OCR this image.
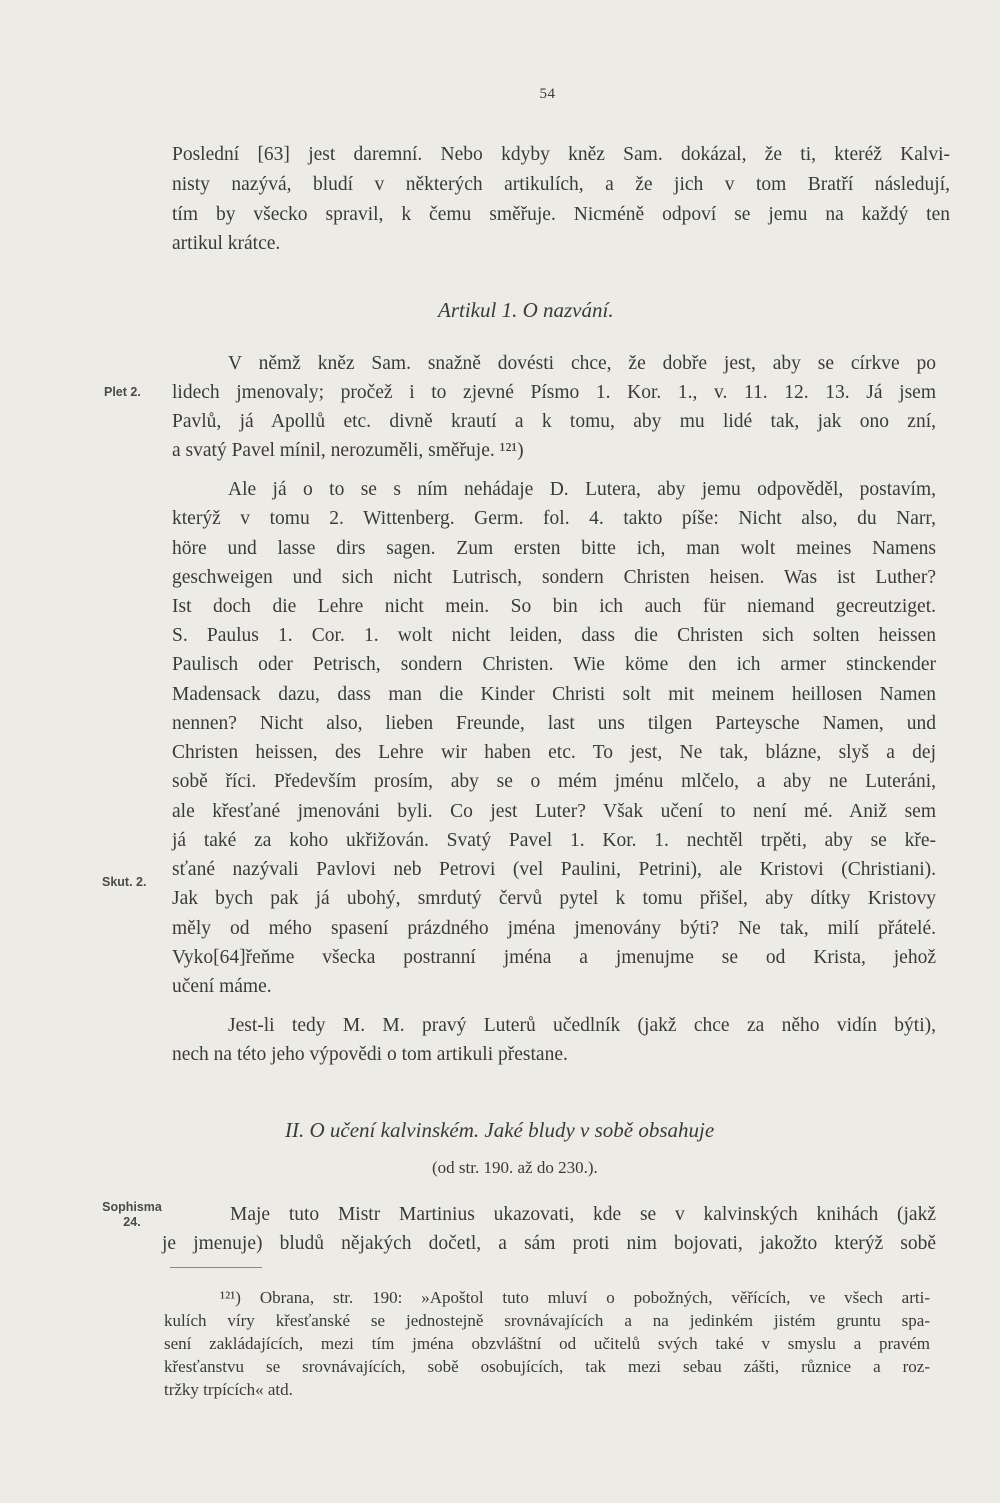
54
Poslední [63] jest daremní. Nebo kdyby kněz Sam. dokázal, že ti, kteréž Kalvi-
nisty nazývá, bludí v některých artikulích, a že jich v tom Bratří následují,
tím by všecko spravil, k čemu směřuje. Nicméně odpoví se jemu na každý ten
artikul krátce.
Artikul 1. O nazvání.
V němž kněz Sam. snažně dovésti chce, že dobře jest, aby se církve po
lidech jmenovaly; pročež i to zjevné Písmo 1. Kor. 1., v. 11. 12. 13. Já jsem
Pavlů, já Apollů etc. divně krautí a k tomu, aby mu lidé tak, jak ono zní,
a svatý Pavel mínil, nerozuměli, směřuje. ¹²¹)
Plet 2.
Ale já o to se s ním nehádaje D. Lutera, aby jemu odpověděl, postavím,
kterýž v tomu 2. Wittenberg. Germ. fol. 4. takto píše: Nicht also, du Narr,
höre und lasse dirs sagen. Zum ersten bitte ich, man wolt meines Namens
geschweigen und sich nicht Lutrisch, sondern Christen heisen. Was ist Luther?
Ist doch die Lehre nicht mein. So bin ich auch für niemand gecreutziget.
S. Paulus 1. Cor. 1. wolt nicht leiden, dass die Christen sich solten heissen
Paulisch oder Petrisch, sondern Christen. Wie köme den ich armer stinckender
Madensack dazu, dass man die Kinder Christi solt mit meinem heillosen Namen
nennen? Nicht also, lieben Freunde, last uns tilgen Parteysche Namen, und
Christen heissen, des Lehre wir haben etc. To jest, Ne tak, blázne, slyš a dej
sobě říci. Především prosím, aby se o mém jménu mlčelo, a aby ne Luteráni,
ale křesťané jmenováni byli. Co jest Luter? Však učení to není mé. Aniž sem
já také za koho ukřižován. Svatý Pavel 1. Kor. 1. nechtěl trpěti, aby se kře-
sťané nazývali Pavlovi neb Petrovi (vel Paulini, Petrini), ale Kristovi (Christiani).
Jak bych pak já ubohý, smrdutý červů pytel k tomu přišel, aby dítky Kristovy
měly od mého spasení prázdného jména jmenovány býti? Ne tak, milí přátelé.
Vyko[64]řeňme všecka postranní jména a jmenujme se od Krista, jehož
učení máme.
Skut. 2.
Jest-li tedy M. M. pravý Luterů učedlník (jakž chce za něho vidín býti),
nech na této jeho výpovědi o tom artikuli přestane.
II. O učení kalvinském. Jaké bludy v sobě obsahuje
(od str. 190. až do 230.).
Maje tuto Mistr Martinius ukazovati, kde se v kalvinských knihách (jakž
je jmenuje) bludů nějakých dočetl, a sám proti nim bojovati, jakožto kterýž sobě
Sophisma
24.
¹²¹) Obrana, str. 190: »Apoštol tuto mluví o pobožných, věřících, ve všech arti-
kulích víry křesťanské se jednostejně srovnávajících a na jedinkém jistém gruntu spa-
sení zakládajících, mezi tím jména obzvláštní od učitelů svých také v smyslu a pravém
křesťanstvu se srovnávajících, sobě osobujících, tak mezi sebau zášti, různice a roz-
tržky trpících« atd.
